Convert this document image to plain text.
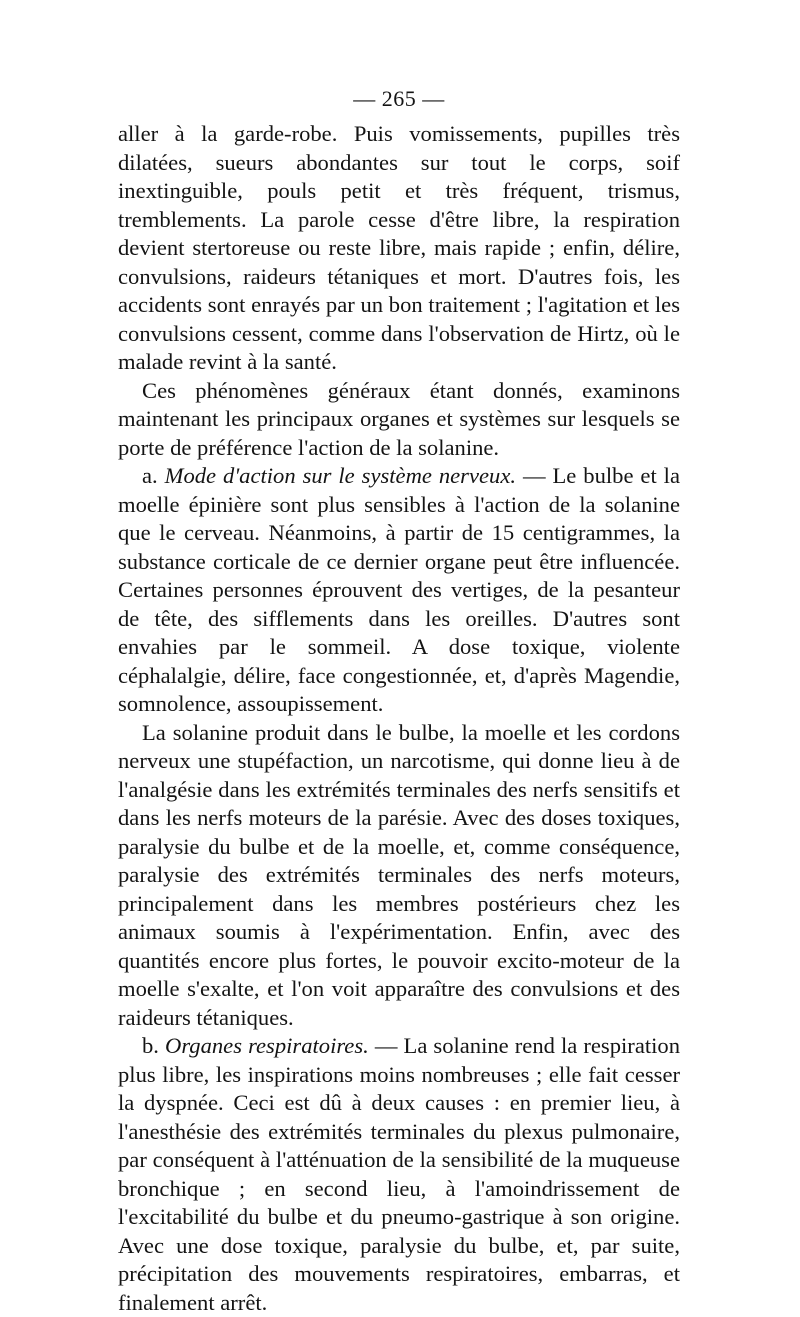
— 265 —

aller à la garde-robe. Puis vomissements, pupilles très dilatées, sueurs abondantes sur tout le corps, soif inextinguible, pouls petit et très fréquent, trismus, tremblements. La parole cesse d'être libre, la respiration devient stertoreuse ou reste libre, mais rapide ; enfin, délire, convulsions, raideurs tétaniques et mort. D'autres fois, les accidents sont enrayés par un bon traitement ; l'agitation et les convulsions cessent, comme dans l'observation de Hirtz, où le malade revint à la santé.

Ces phénomènes généraux étant donnés, examinons maintenant les principaux organes et systèmes sur lesquels se porte de préférence l'action de la solanine.

a. Mode d'action sur le système nerveux. — Le bulbe et la moelle épinière sont plus sensibles à l'action de la solanine que le cerveau. Néanmoins, à partir de 15 centigrammes, la substance corticale de ce dernier organe peut être influencée. Certaines personnes éprouvent des vertiges, de la pesanteur de tête, des sifflements dans les oreilles. D'autres sont envahies par le sommeil. A dose toxique, violente céphalalgie, délire, face congestionnée, et, d'après Magendie, somnolence, assoupissement.

La solanine produit dans le bulbe, la moelle et les cordons nerveux une stupéfaction, un narcotisme, qui donne lieu à de l'analgésie dans les extrémités terminales des nerfs sensitifs et dans les nerfs moteurs de la parésie. Avec des doses toxiques, paralysie du bulbe et de la moelle, et, comme conséquence, paralysie des extrémités terminales des nerfs moteurs, principalement dans les membres postérieurs chez les animaux soumis à l'expérimentation. Enfin, avec des quantités encore plus fortes, le pouvoir excito-moteur de la moelle s'exalte, et l'on voit apparaître des convulsions et des raideurs tétaniques.

b. Organes respiratoires. — La solanine rend la respiration plus libre, les inspirations moins nombreuses ; elle fait cesser la dyspnée. Ceci est dû à deux causes : en premier lieu, à l'anesthésie des extrémités terminales du plexus pulmonaire, par conséquent à l'atténuation de la sensibilité de la muqueuse bronchique ; en second lieu, à l'amoindrissement de l'excitabilité du bulbe et du pneumo-gastrique à son origine. Avec une dose toxique, paralysie du bulbe, et, par suite, précipitation des mouvements respiratoires, embarras, et finalement arrêt.
